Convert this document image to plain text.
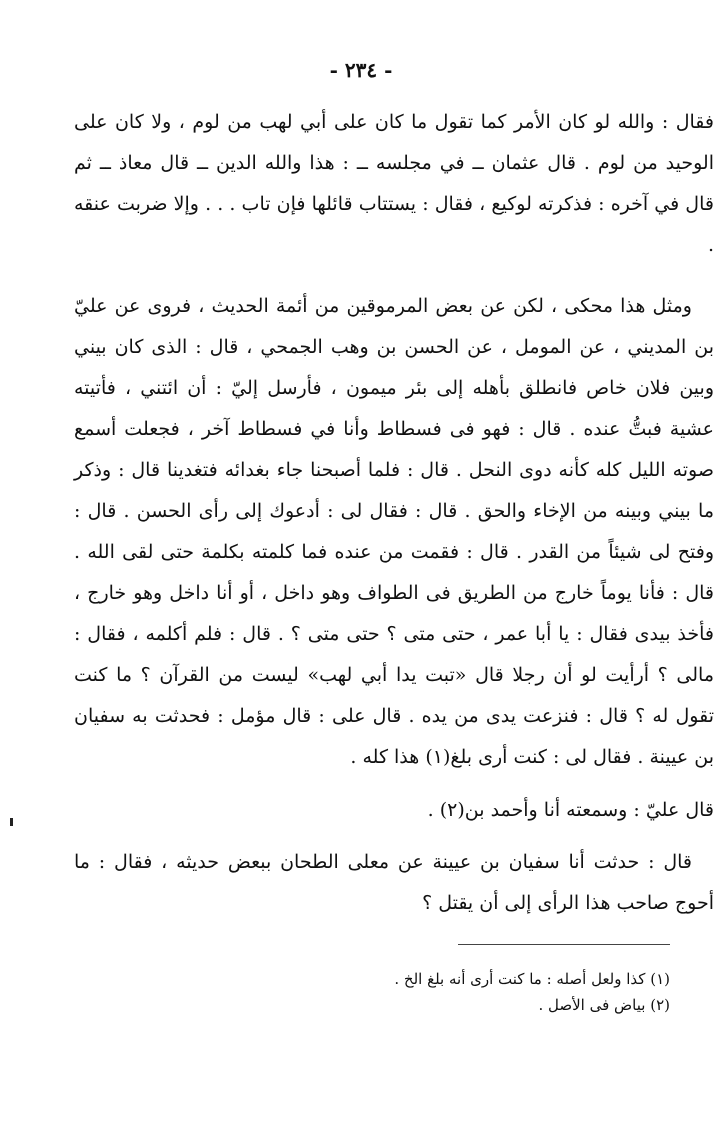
- ٢٣٤ -

فقال : والله لو كان الأمر كما تقول ما كان على أبي لهب من لوم ، ولا كان على الوحيد من لوم . قال عثمان ــ في مجلسه ــ : هذا والله الدين ــ قال معاذ ــ ثم قال في آخره : فذكرته لوكيع ، فقال : يستتاب قائلها فإن تاب . . . وإلا ضربت عنقه .

ومثل هذا محكى ، لكن عن بعض المرموقين من أئمة الحديث ، فروى عن عليّ بن المديني ، عن المومل ، عن الحسن بن وهب الجمحي ، قال : الذى كان بيني وبين فلان خاص فانطلق بأهله إلى بئر ميمون ، فأرسل إليّ : أن ائتني ، فأتيته عشية فبتُّ عنده . قال : فهو فى فسطاط وأنا في فسطاط آخر ، فجعلت أسمع صوته الليل كله كأنه دوى النحل . قال : فلما أصبحنا جاء بغدائه فتغدينا قال : وذكر ما بيني وبينه من الإخاء والحق . قال : فقال لى : أدعوك إلى رأى الحسن . قال : وفتح لى شيئاً من القدر . قال : فقمت من عنده فما كلمته بكلمة حتى لقى الله . قال : فأنا يوماً خارج من الطريق فى الطواف وهو داخل ، أو أنا داخل وهو خارج ، فأخذ بيدى فقال : يا أبا عمر ، حتى متى ؟ حتى متى ؟ . قال : فلم أكلمه ، فقال : مالى ؟ أرأيت لو أن رجلا قال «تبت يدا أبي لهب» ليست من القرآن ؟ ما كنت تقول له ؟ قال : فنزعت يدى من يده . قال على : قال مؤمل : فحدثت به سفيان بن عيينة . فقال لى : كنت أرى بلغ(١) هذا كله .

قال عليّ : وسمعته أنا وأحمد بن(٢) .

قال : حدثت أنا سفيان بن عيينة عن معلى الطحان ببعض حديثه ، فقال : ما أحوج صاحب هذا الرأى إلى أن يقتل ؟

(١) كذا ولعل أصله : ما كنت أرى أنه بلغ الخ .
(٢) بياض فى الأصل .
